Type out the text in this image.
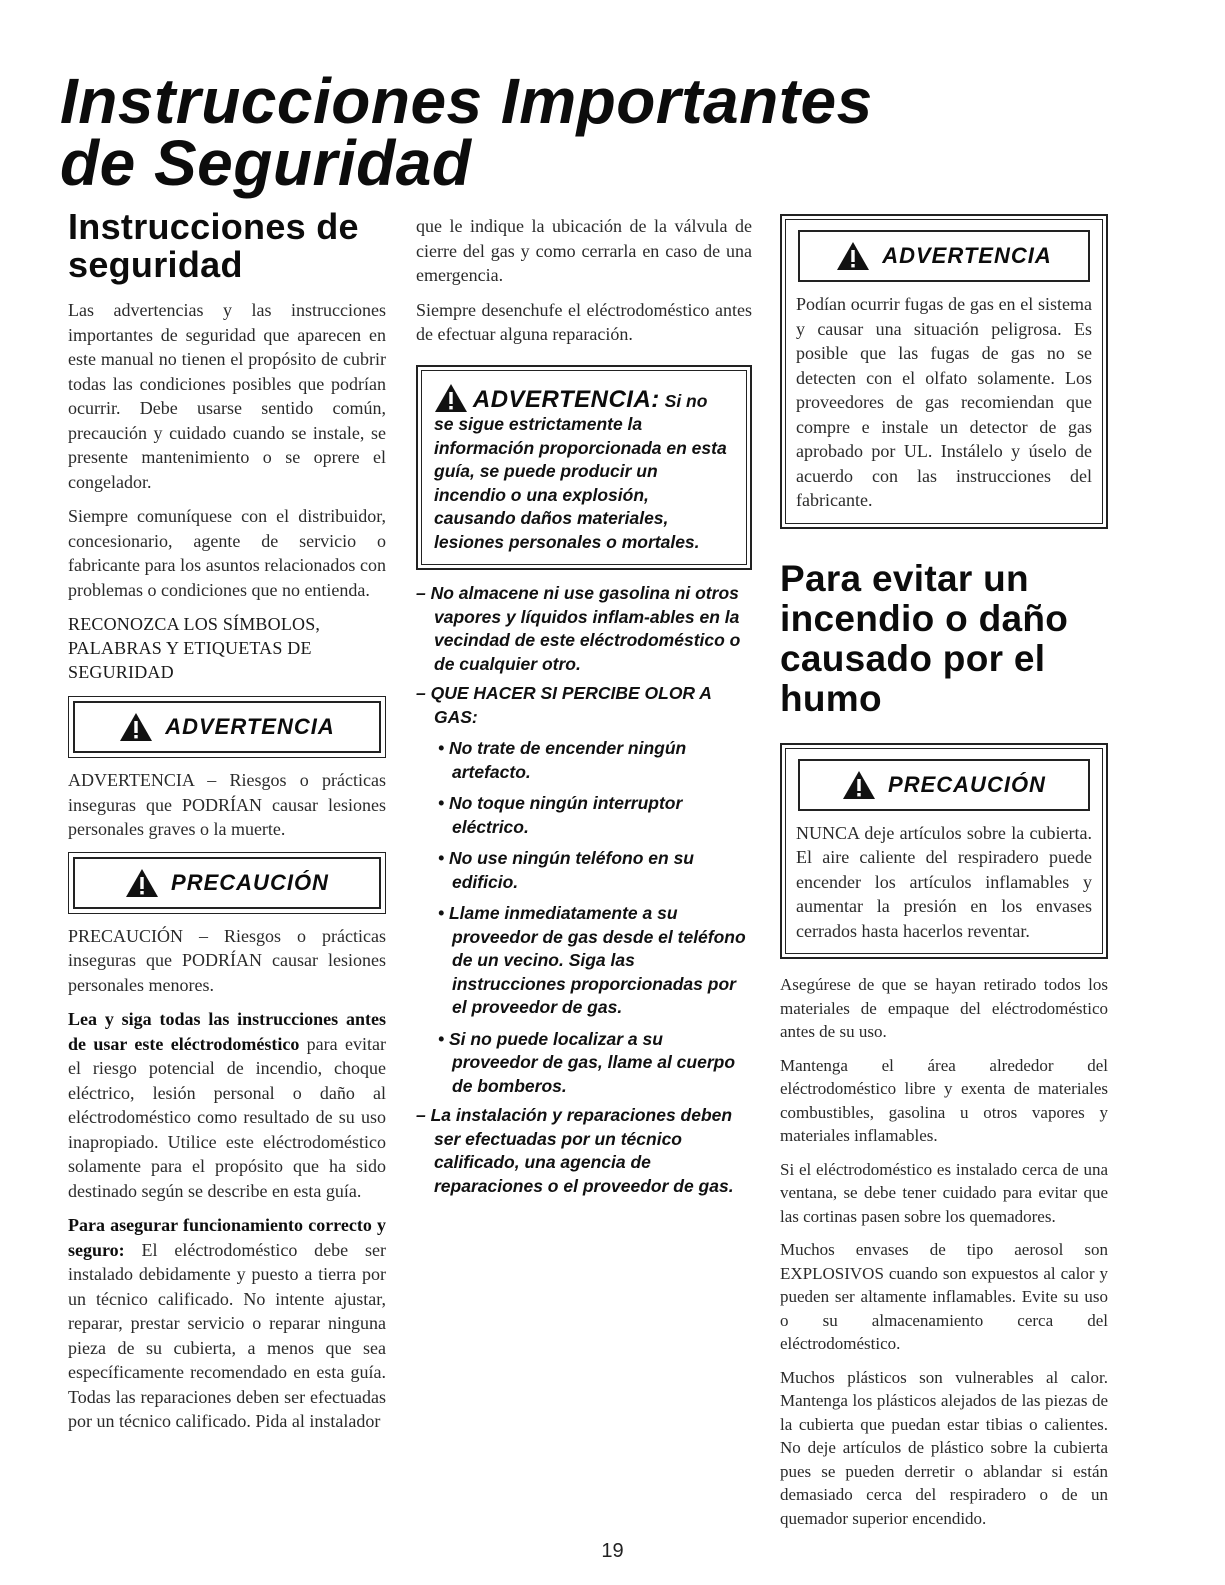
Instrucciones Importantes de Seguridad
Instrucciones de seguridad

Las advertencias y las instrucciones importantes de seguridad que aparecen en este manual no tienen el propósito de cubrir todas las condiciones posibles que podrían ocurrir. Debe usarse sentido común, precaución y cuidado cuando se instale, se presente mantenimiento o se oprere el congelador.

Siempre comuníquese con el distribuidor, concesionario, agente de servicio o fabricante para los asuntos relacionados con problemas o condiciones que no entienda.

RECONOZCA LOS SÍMBOLOS, PALABRAS Y ETIQUETAS DE SEGURIDAD

ADVERTENCIA

ADVERTENCIA – Riesgos o prácticas inseguras que PODRÍAN causar lesiones personales graves o la muerte.

PRECAUCIÓN

PRECAUCIÓN – Riesgos o prácticas inseguras que PODRÍAN causar lesiones personales menores.

Lea y siga todas las instrucciones antes de usar este eléctrodoméstico para evitar el riesgo potencial de incendio, choque eléctrico, lesión personal o daño al eléctrodoméstico como resultado de su uso inapropiado. Utilice este eléctrodoméstico solamente para el propósito que ha sido destinado según se describe en esta guía.

Para asegurar funcionamiento correcto y seguro: El eléctrodoméstico debe ser instalado debidamente y puesto a tierra por un técnico calificado. No intente ajustar, reparar, prestar servicio o reparar ninguna pieza de su cubierta, a menos que sea específicamente recomendado en esta guía. Todas las reparaciones deben ser efectuadas por un técnico calificado. Pida al instalador

que le indique la ubicación de la válvula de cierre del gas y como cerrarla en caso de una emergencia.

Siempre desenchufe el eléctrodoméstico antes de efectuar alguna reparación.

ADVERTENCIA: Si no

se sigue estrictamente la información proporcionada en esta guía, se puede producir un incendio o una explosión, causando daños materiales, lesiones personales o mortales.

– No almacene ni use gasolina ni otros vapores y líquidos inflam-ables en la vecindad de este eléctrodoméstico o de cualquier otro.
– QUE HACER SI PERCIBE OLOR A GAS:
• No trate de encender ningún artefacto.
• No toque ningún interruptor eléctrico.
• No use ningún teléfono en su edificio.
• Llame inmediatamente a su proveedor de gas desde el teléfono de un vecino. Siga las instrucciones proporcionadas por el proveedor de gas.
• Si no puede localizar a su proveedor de gas, llame al cuerpo de bomberos.
– La instalación y reparaciones deben ser efectuadas por un técnico calificado, una agencia de reparaciones o el proveedor de gas.
ADVERTENCIA

Podían ocurrir fugas de gas en el sistema y causar una situación peligrosa. Es posible que las fugas de gas no se detecten con el olfato solamente. Los proveedores de gas recomiendan que compre e instale un detector de gas aprobado por UL. Instálelo y úselo de acuerdo con las instrucciones del fabricante.

Para evitar un incendio o daño causado por el humo
PRECAUCIÓN

NUNCA deje artículos sobre la cubierta. El aire caliente del respiradero puede encender los artículos inflamables y aumentar la presión en los envases cerrados hasta hacerlos reventar.

Asegúrese de que se hayan retirado todos los materiales de empaque del eléctrodoméstico antes de su uso.

Mantenga el área alrededor del eléctrodoméstico libre y exenta de materiales combustibles, gasolina u otros vapores y materiales inflamables.

Si el eléctrodoméstico es instalado cerca de una ventana, se debe tener cuidado para evitar que las cortinas pasen sobre los quemadores.

Muchos envases de tipo aerosol son EXPLOSIVOS cuando son expuestos al calor y pueden ser altamente inflamables. Evite su uso o su almacenamiento cerca del eléctrodoméstico.

Muchos plásticos son vulnerables al calor. Mantenga los plásticos alejados de las piezas de la cubierta que puedan estar tibias o calientes. No deje artículos de plástico sobre la cubierta pues se pueden derretir o ablandar si están demasiado cerca del respiradero o de un quemador superior encendido.

19
